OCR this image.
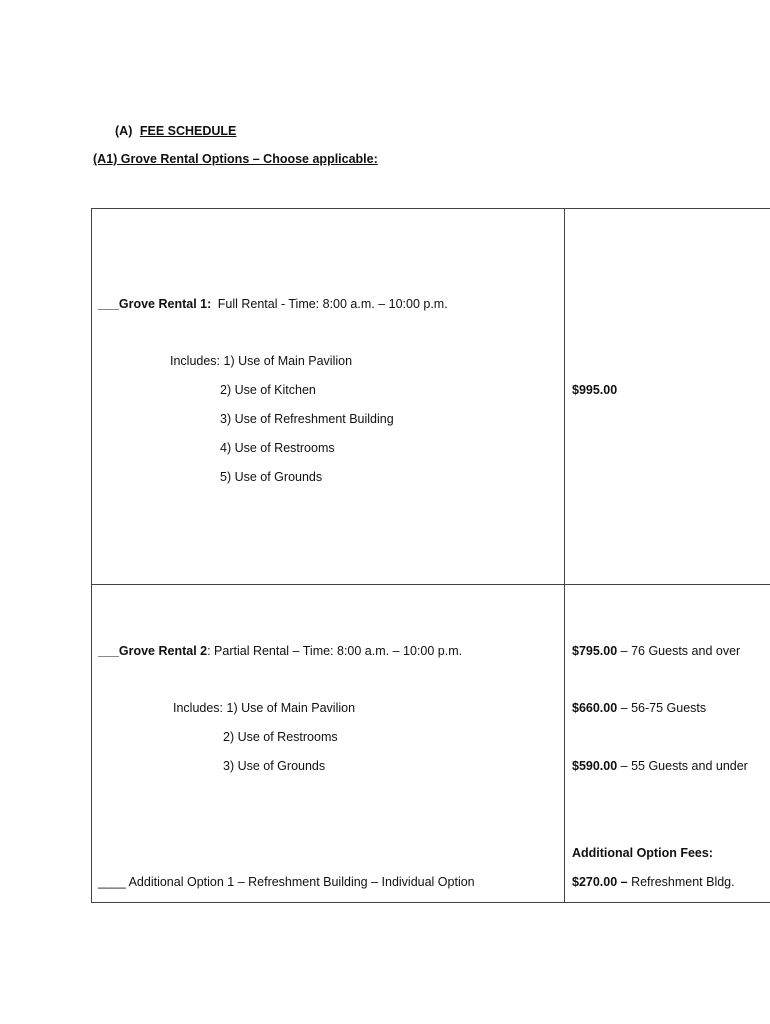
(A) FEE SCHEDULE
(A1) Grove Rental Options – Choose applicable:
___Grove Rental 1: Full Rental - Time: 8:00 a.m. – 10:00 p.m.
Includes: 1) Use of Main Pavilion
2) Use of Kitchen
3) Use of Refreshment Building
4) Use of Restrooms
5) Use of Grounds
$995.00
___Grove Rental 2: Partial Rental – Time: 8:00 a.m. – 10:00 p.m.
Includes: 1) Use of Main Pavilion
2) Use of Restrooms
3) Use of Grounds
$795.00 – 76 Guests and over
$660.00 – 56-75 Guests
$590.00 – 55 Guests and under
Additional Option Fees:
____ Additional Option 1 – Refreshment Building – Individual Option	$270.00 – Refreshment Bldg.
